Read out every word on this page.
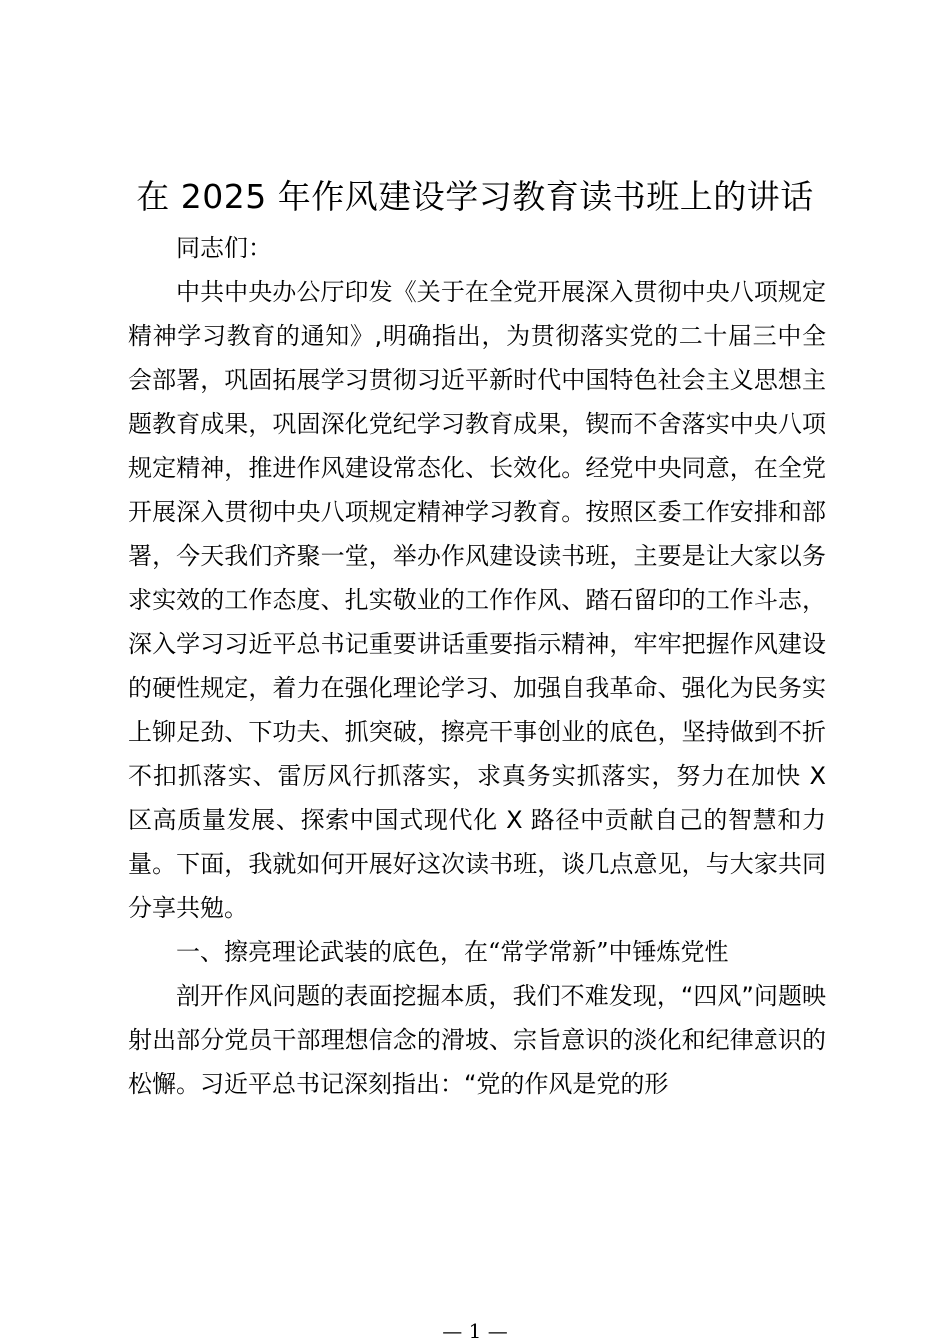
在 2025 年作风建设学习教育读书班上的讲话

同志们：

中共中央办公厅印发《关于在全党开展深入贯彻中央八项规定精神学习教育的通知》,明确指出，为贯彻落实党的二十届三中全会部署，巩固拓展学习贯彻习近平新时代中国特色社会主义思想主题教育成果，巩固深化党纪学习教育成果，锲而不舍落实中央八项规定精神，推进作风建设常态化、长效化。经党中央同意，在全党开展深入贯彻中央八项规定精神学习教育。按照区委工作安排和部署，今天我们齐聚一堂，举办作风建设读书班，主要是让大家以务求实效的工作态度、扎实敬业的工作作风、踏石留印的工作斗志，深入学习习近平总书记重要讲话重要指示精神，牢牢把握作风建设的硬性规定，着力在强化理论学习、加强自我革命、强化为民务实上铆足劲、下功夫、抓突破，擦亮干事创业的底色，坚持做到不折不扣抓落实、雷厉风行抓落实，求真务实抓落实，努力在加快 X 区高质量发展、探索中国式现代化 X 路径中贡献自己的智慧和力量。下面，我就如何开展好这次读书班，谈几点意见，与大家共同分享共勉。

一、擦亮理论武装的底色，在“常学常新”中锤炼党性

剖开作风问题的表面挖掘本质，我们不难发现，“四风”问题映射出部分党员干部理想信念的滑坡、宗旨意识的淡化和纪律意识的松懈。习近平总书记深刻指出：“党的作风是党的形

— 1 —
